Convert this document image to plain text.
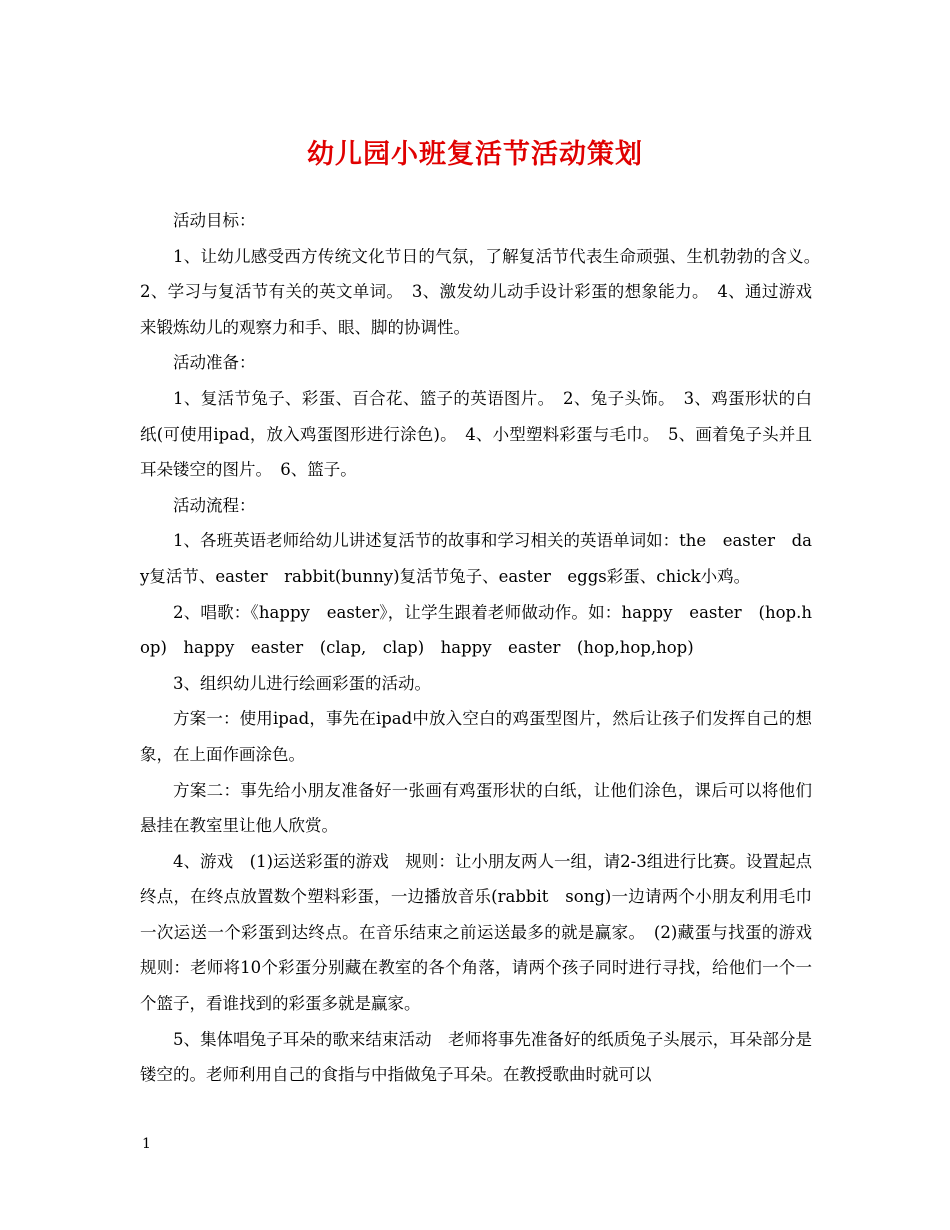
幼儿园小班复活节活动策划

活动目标：

1、让幼儿感受西方传统文化节日的气氛，了解复活节代表生命顽强、生机勃勃的含义。　2、学习与复活节有关的英文单词。　3、激发幼儿动手设计彩蛋的想象能力。　4、通过游戏来锻炼幼儿的观察力和手、眼、脚的协调性。

活动准备：

1、复活节兔子、彩蛋、百合花、篮子的英语图片。　2、兔子头饰。　3、鸡蛋形状的白纸(可使用ipad，放入鸡蛋图形进行涂色)。　4、小型塑料彩蛋与毛巾。　5、画着兔子头并且耳朵镂空的图片。　6、篮子。

活动流程：

1、各班英语老师给幼儿讲述复活节的故事和学习相关的英语单词如：the　easter　day复活节、easter　rabbit(bunny)复活节兔子、easter　eggs彩蛋、chick小鸡。

2、唱歌：《happy　easter》，让学生跟着老师做动作。如：happy　easter　(hop.hop)　happy　easter　(clap,　clap)　happy　easter　(hop,hop,hop)

3、组织幼儿进行绘画彩蛋的活动。

方案一：使用ipad，事先在ipad中放入空白的鸡蛋型图片，然后让孩子们发挥自己的想象，在上面作画涂色。

方案二：事先给小朋友准备好一张画有鸡蛋形状的白纸，让他们涂色，课后可以将他们悬挂在教室里让他人欣赏。

4、游戏　(1)运送彩蛋的游戏　规则：让小朋友两人一组，请2-3组进行比赛。设置起点终点，在终点放置数个塑料彩蛋，一边播放音乐(rabbit　song)一边请两个小朋友利用毛巾一次运送一个彩蛋到达终点。在音乐结束之前运送最多的就是赢家。　(2)藏蛋与找蛋的游戏　规则：老师将10个彩蛋分别藏在教室的各个角落，请两个孩子同时进行寻找，给他们一个一个篮子，看谁找到的彩蛋多就是赢家。

5、集体唱兔子耳朵的歌来结束活动　老师将事先准备好的纸质兔子头展示，耳朵部分是镂空的。老师利用自己的食指与中指做兔子耳朵。在教授歌曲时就可以

1
